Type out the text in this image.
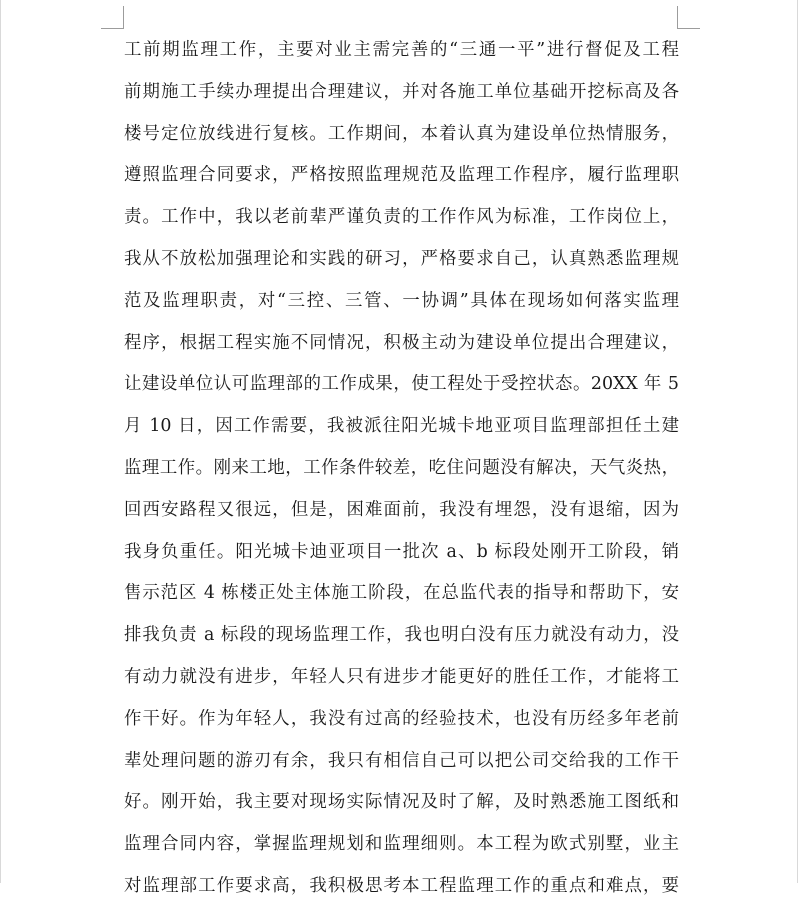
工前期监理工作，主要对业主需完善的“三通一平”进行督促及工程
前期施工手续办理提出合理建议，并对各施工单位基础开挖标高及各
楼号定位放线进行复核。工作期间，本着认真为建设单位热情服务，
遵照监理合同要求，严格按照监理规范及监理工作程序，履行监理职
责。工作中，我以老前辈严谨负责的工作作风为标准，工作岗位上，
我从不放松加强理论和实践的研习，严格要求自己，认真熟悉监理规
范及监理职责，对“三控、三管、一协调”具体在现场如何落实监理
程序，根据工程实施不同情况，积极主动为建设单位提出合理建议，
让建设单位认可监理部的工作成果，使工程处于受控状态。20XX 年 5
月 10 日，因工作需要，我被派往阳光城卡地亚项目监理部担任土建
监理工作。刚来工地，工作条件较差，吃住问题没有解决，天气炎热，
回西安路程又很远，但是，困难面前，我没有埋怨，没有退缩，因为
我身负重任。阳光城卡迪亚项目一批次 a、b 标段处刚开工阶段，销
售示范区 4 栋楼正处主体施工阶段，在总监代表的指导和帮助下，安
排我负责 a 标段的现场监理工作，我也明白没有压力就没有动力，没
有动力就没有进步，年轻人只有进步才能更好的胜任工作，才能将工
作干好。作为年轻人，我没有过高的经验技术，也没有历经多年老前
辈处理问题的游刃有余，我只有相信自己可以把公司交给我的工作干
好。刚开始，我主要对现场实际情况及时了解，及时熟悉施工图纸和
监理合同内容，掌握监理规划和监理细则。本工程为欧式别墅，业主
对监理部工作要求高，我积极思考本工程监理工作的重点和难点，要
